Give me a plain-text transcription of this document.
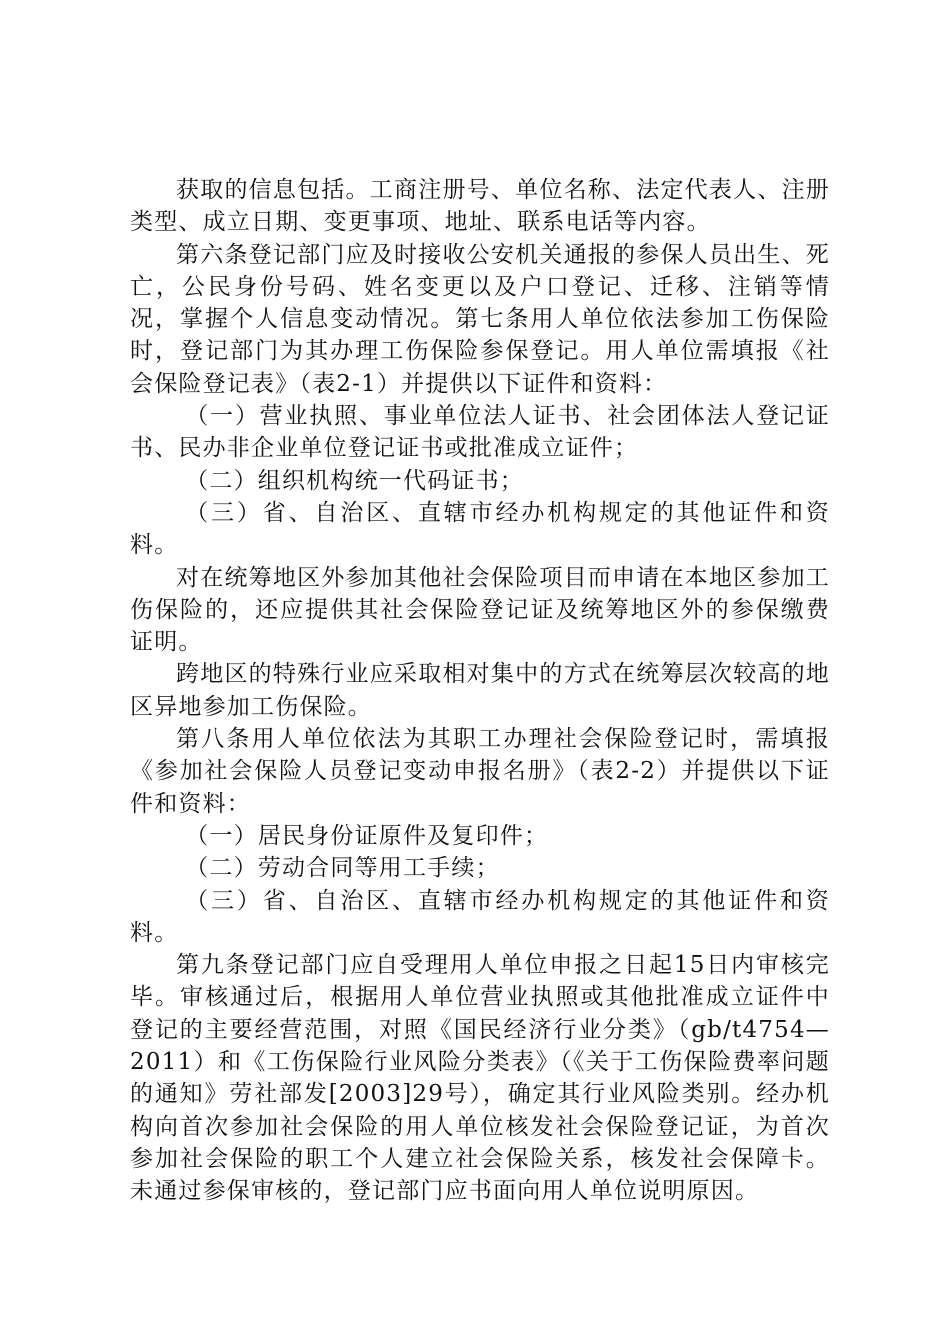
获取的信息包括。工商注册号、单位名称、法定代表人、注册类型、成立日期、变更事项、地址、联系电话等内容。

第六条登记部门应及时接收公安机关通报的参保人员出生、死亡，公民身份号码、姓名变更以及户口登记、迁移、注销等情况，掌握个人信息变动情况。第七条用人单位依法参加工伤保险时，登记部门为其办理工伤保险参保登记。用人单位需填报《社会保险登记表》（表2-1）并提供以下证件和资料：

（一）营业执照、事业单位法人证书、社会团体法人登记证书、民办非企业单位登记证书或批准成立证件；

（二）组织机构统一代码证书；

（三）省、自治区、直辖市经办机构规定的其他证件和资料。

对在统筹地区外参加其他社会保险项目而申请在本地区参加工伤保险的，还应提供其社会保险登记证及统筹地区外的参保缴费证明。

跨地区的特殊行业应采取相对集中的方式在统筹层次较高的地区异地参加工伤保险。

第八条用人单位依法为其职工办理社会保险登记时，需填报《参加社会保险人员登记变动申报名册》（表2-2）并提供以下证件和资料：

（一）居民身份证原件及复印件；

（二）劳动合同等用工手续；

（三）省、自治区、直辖市经办机构规定的其他证件和资料。

第九条登记部门应自受理用人单位申报之日起15日内审核完毕。审核通过后，根据用人单位营业执照或其他批准成立证件中登记的主要经营范围，对照《国民经济行业分类》（gb/t4754—2011）和《工伤保险行业风险分类表》（《关于工伤保险费率问题的通知》劳社部发[2003]29号），确定其行业风险类别。经办机构向首次参加社会保险的用人单位核发社会保险登记证，为首次参加社会保险的职工个人建立社会保险关系，核发社会保障卡。未通过参保审核的，登记部门应书面向用人单位说明原因。
